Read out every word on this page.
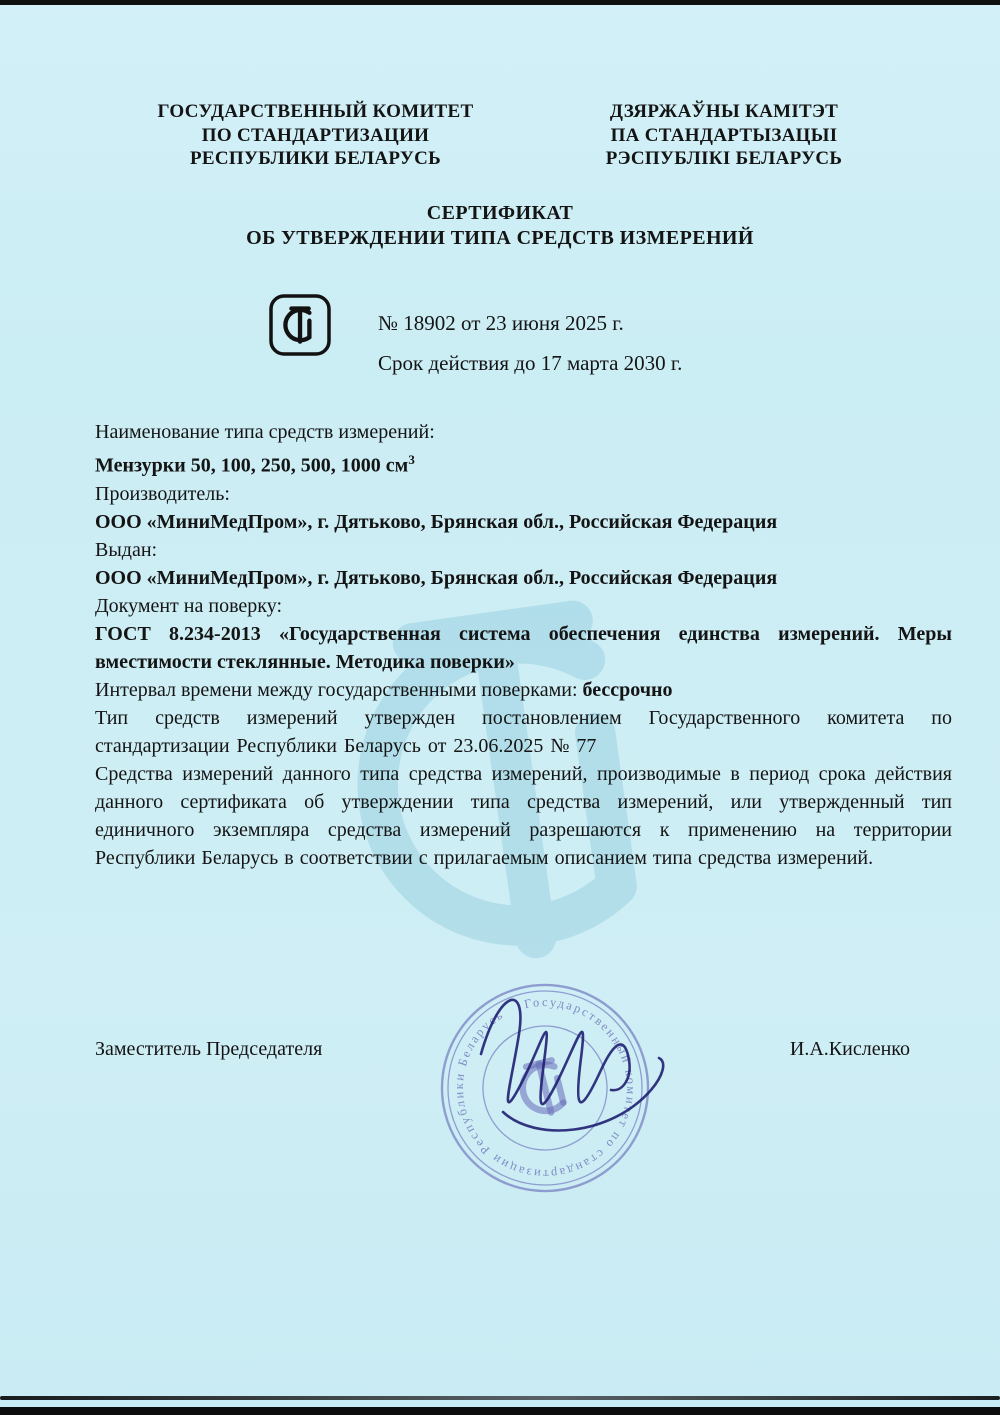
ГОСУДАРСТВЕННЫЙ КОМИТЕТ
ПО СТАНДАРТИЗАЦИИ
РЕСПУБЛИКИ БЕЛАРУСЬ
ДЗЯРЖАЎНЫ КАМІТЭТ
ПА СТАНДАРТЫЗАЦЫІ
РЭСПУБЛІКІ БЕЛАРУСЬ
СЕРТИФИКАТ
ОБ УТВЕРЖДЕНИИ ТИПА СРЕДСТВ ИЗМЕРЕНИЙ
№ 18902 от 23 июня 2025 г.
Срок действия до 17 марта 2030 г.

Наименование типа средств измерений:

Мензурки 50, 100, 250, 500, 1000 $см^3$

Производитель:

ООО «МиниМедПром», г. Дятьково, Брянская обл., Российская Федерация

Выдан:

ООО «МиниМедПром», г. Дятьково, Брянская обл., Российская Федерация

Документ на поверку:

ГОСТ 8.234-2013 «Государственная система обеспечения единства измерений. Меры вместимости стеклянные. Методика поверки»

Интервал времени между государственными поверками: бессрочно

Тип средств измерений утвержден постановлением Государственного комитета по стандартизации Республики Беларусь от 23.06.2025 № 77

Средства измерений данного типа средства измерений, производимые в период срока действия данного сертификата об утверждении типа средства измерений, или утвержденный тип единичного экземпляра средства измерений разрешаются к применению на территории Республики Беларусь в соответствии с прилагаемым описанием типа средства измерений.

Заместитель Председателя	И.А.Кисленко
Государственный комитет по стандартизации Республики Беларусь
